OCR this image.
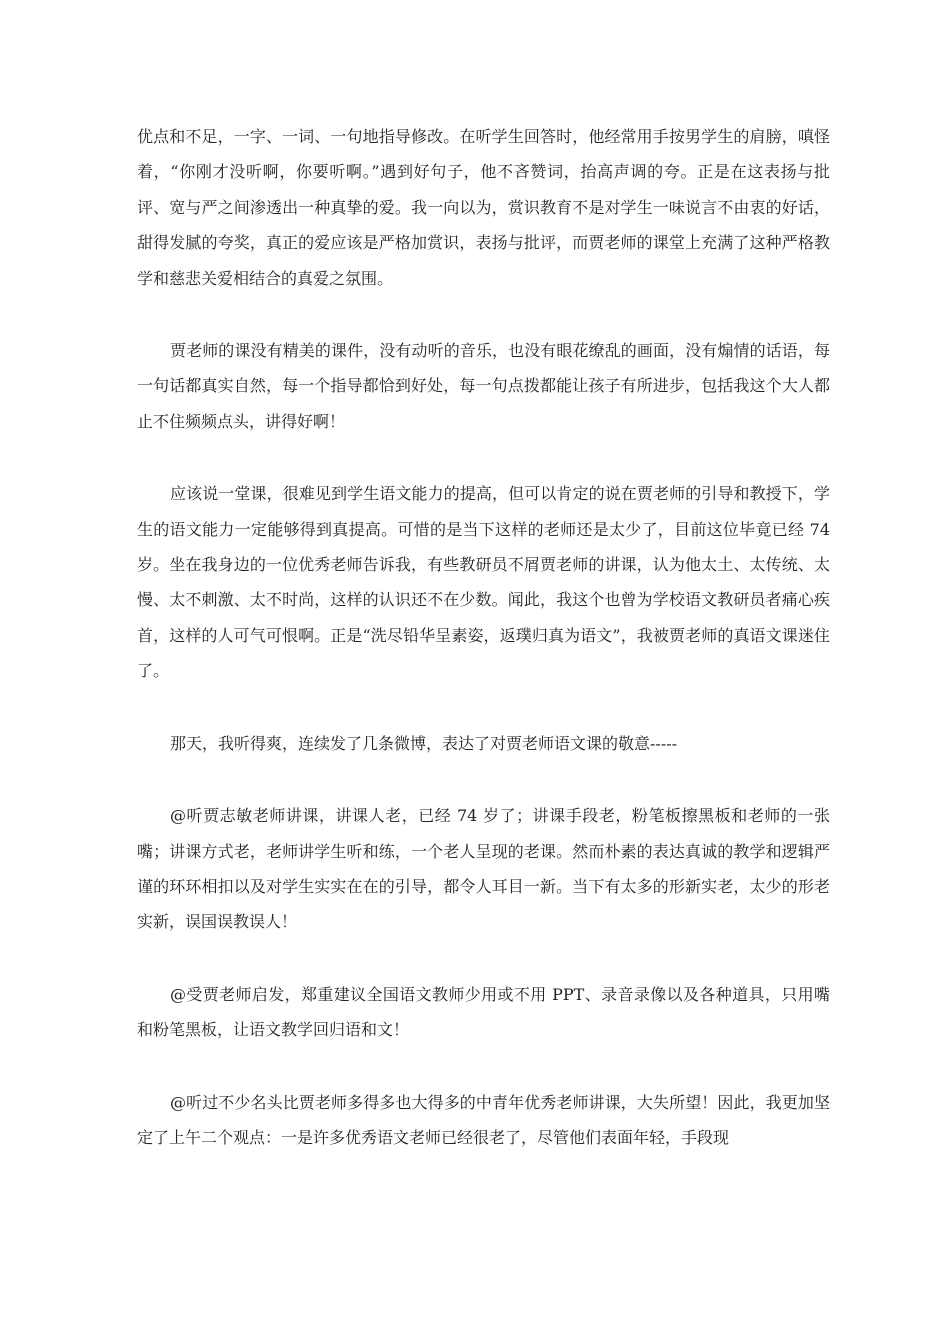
优点和不足，一字、一词、一句地指导修改。在听学生回答时，他经常用手按男学生的肩膀，嗔怪着，“你刚才没听啊，你要听啊。”遇到好句子，他不吝赞词，抬高声调的夸。正是在这表扬与批评、宽与严之间渗透出一种真挚的爱。我一向以为，赏识教育不是对学生一味说言不由衷的好话，甜得发腻的夸奖，真正的爱应该是严格加赏识，表扬与批评，而贾老师的课堂上充满了这种严格教学和慈悲关爱相结合的真爱之氛围。

贾老师的课没有精美的课件，没有动听的音乐，也没有眼花缭乱的画面，没有煽情的话语，每一句话都真实自然，每一个指导都恰到好处，每一句点拨都能让孩子有所进步，包括我这个大人都止不住频频点头，讲得好啊！

应该说一堂课，很难见到学生语文能力的提高，但可以肯定的说在贾老师的引导和教授下，学生的语文能力一定能够得到真提高。可惜的是当下这样的老师还是太少了，目前这位毕竟已经 74 岁。坐在我身边的一位优秀老师告诉我，有些教研员不屑贾老师的讲课，认为他太土、太传统、太慢、太不刺激、太不时尚，这样的认识还不在少数。闻此，我这个也曾为学校语文教研员者痛心疾首，这样的人可气可恨啊。正是“洗尽铅华呈素姿，返璞归真为语文”，我被贾老师的真语文课迷住了。

那天，我听得爽，连续发了几条微博，表达了对贾老师语文课的敬意-----

@听贾志敏老师讲课，讲课人老，已经 74 岁了；讲课手段老，粉笔板擦黑板和老师的一张嘴；讲课方式老，老师讲学生听和练，一个老人呈现的老课。然而朴素的表达真诚的教学和逻辑严谨的环环相扣以及对学生实实在在的引导，都令人耳目一新。当下有太多的形新实老，太少的形老实新，误国误教误人！

@受贾老师启发，郑重建议全国语文教师少用或不用 PPT、录音录像以及各种道具，只用嘴和粉笔黑板，让语文教学回归语和文！

@听过不少名头比贾老师多得多也大得多的中青年优秀老师讲课，大失所望！因此，我更加坚定了上午二个观点：一是许多优秀语文老师已经很老了，尽管他们表面年轻，手段现
